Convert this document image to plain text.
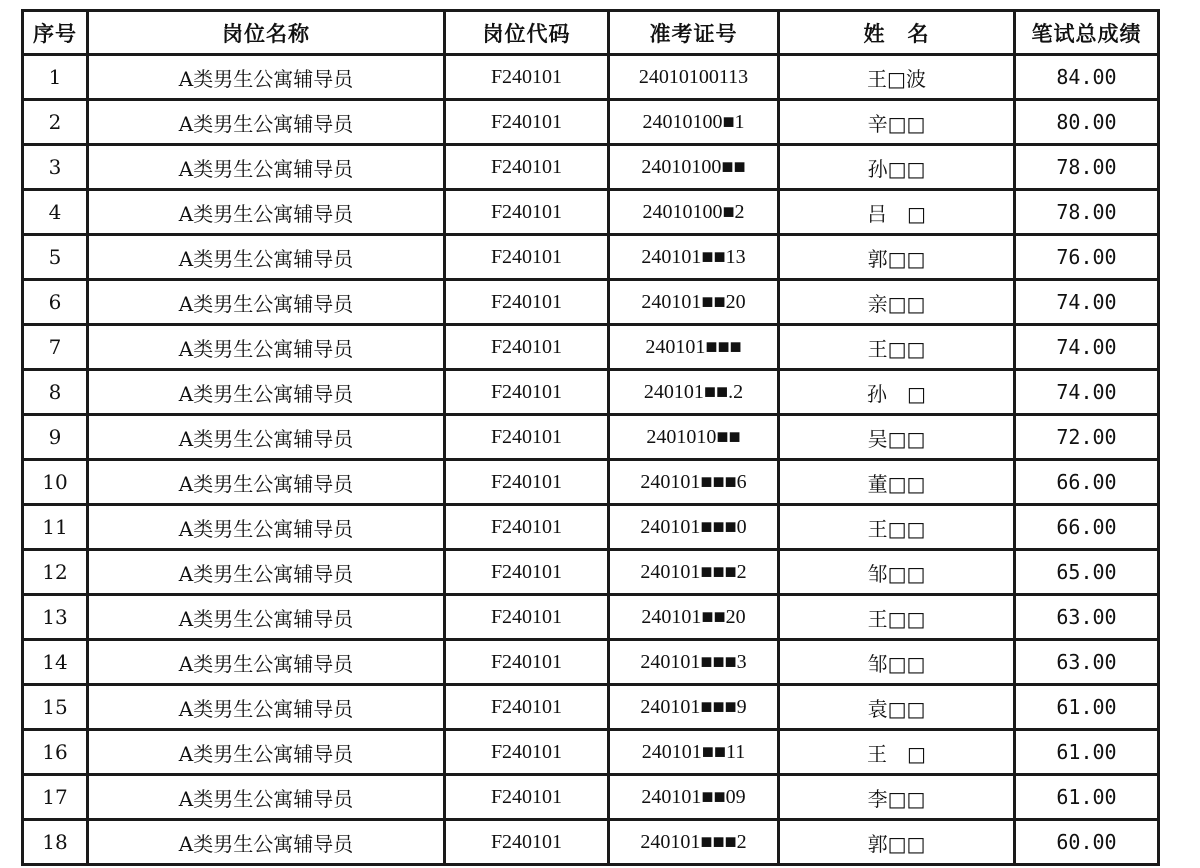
序号	岗位名称	岗位代码	准考证号	姓　名	笔试总成绩
1	A类男生公寓辅导员	F240101	24010100113	王□波	84.00
2	A类男生公寓辅导员	F240101	24010100■1	辛□□	80.00
3	A类男生公寓辅导员	F240101	24010100■■	孙□□	78.00
4	A类男生公寓辅导员	F240101	24010100■2	吕　□	78.00
5	A类男生公寓辅导员	F240101	240101■■13	郭□□	76.00
6	A类男生公寓辅导员	F240101	240101■■20	亲□□	74.00
7	A类男生公寓辅导员	F240101	240101■■■	王□□	74.00
8	A类男生公寓辅导员	F240101	240101■■.2	孙　□	74.00
9	A类男生公寓辅导员	F240101	2401010■■	吴□□	72.00
10	A类男生公寓辅导员	F240101	240101■■■6	董□□	66.00
11	A类男生公寓辅导员	F240101	240101■■■0	王□□	66.00
12	A类男生公寓辅导员	F240101	240101■■■2	邹□□	65.00
13	A类男生公寓辅导员	F240101	240101■■20	王□□	63.00
14	A类男生公寓辅导员	F240101	240101■■■3	邹□□	63.00
15	A类男生公寓辅导员	F240101	240101■■■9	袁□□	61.00
16	A类男生公寓辅导员	F240101	240101■■11	王　□	61.00
17	A类男生公寓辅导员	F240101	240101■■09	李□□	61.00
18	A类男生公寓辅导员	F240101	240101■■■2	郭□□	60.00
